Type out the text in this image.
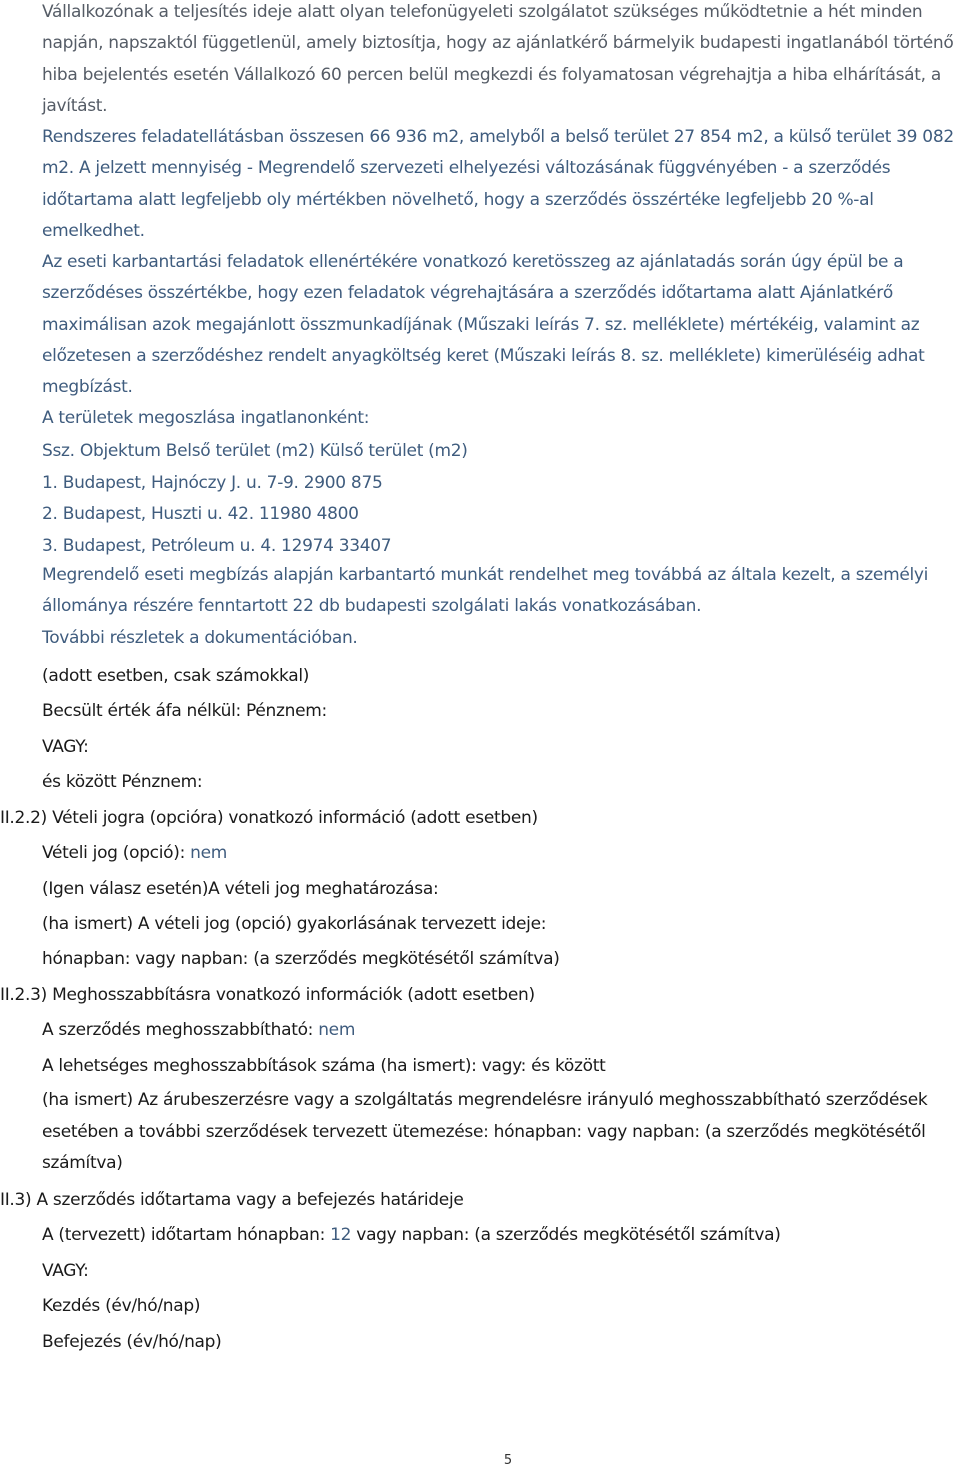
Vállalkozónak a teljesítés ideje alatt olyan telefonügyeleti szolgálatot szükséges működtetnie a hét minden napján, napszaktól függetlenül, amely biztosítja, hogy az ajánlatkérő bármelyik budapesti ingatlanából történő hiba bejelentés esetén Vállalkozó 60 percen belül megkezdi és folyamatosan végrehajtja a hiba elhárítását, a javítást.

Rendszeres feladatellátásban összesen 66 936 m2, amelyből a belső terület 27 854 m2, a külső terület 39 082 m2. A jelzett mennyiség - Megrendelő szervezeti elhelyezési változásának függvényében - a szerződés időtartama alatt legfeljebb oly mértékben növelhető, hogy a szerződés összértéke legfeljebb 20 %-al emelkedhet.

Az eseti karbantartási feladatok ellenértékére vonatkozó keretösszeg az ajánlatadás során úgy épül be a szerződéses összértékbe, hogy ezen feladatok végrehajtására a szerződés időtartama alatt Ajánlatkérő maximálisan azok megajánlott összmunkadíjának (Műszaki leírás 7. sz. melléklete) mértékéig, valamint az előzetesen a szerződéshez rendelt anyagköltség keret (Műszaki leírás 8. sz. melléklete) kimerüléséig adhat megbízást.

A területek megoszlása ingatlanonként:

Ssz. Objektum Belső terület (m2) Külső terület (m2)
1. Budapest, Hajnóczy J. u. 7-9. 2900 875
2. Budapest, Huszti u. 42. 11980 4800
3. Budapest, Petróleum u. 4. 12974 33407

Megrendelő eseti megbízás alapján karbantartó munkát rendelhet meg továbbá az általa kezelt, a személyi állománya részére fenntartott 22 db budapesti szolgálati lakás vonatkozásában.

További részletek a dokumentációban.

(adott esetben, csak számokkal)
Becsült érték áfa nélkül: Pénznem:
VAGY:
és között Pénznem:
II.2.2) Vételi jogra (opcióra) vonatkozó információ (adott esetben)
Vételi jog (opció): nem
(Igen válasz esetén)A vételi jog meghatározása:
(ha ismert) A vételi jog (opció) gyakorlásának tervezett ideje:
hónapban: vagy napban: (a szerződés megkötésétől számítva)
II.2.3) Meghosszabbításra vonatkozó információk (adott esetben)
A szerződés meghosszabbítható: nem
A lehetséges meghosszabbítások száma (ha ismert): vagy: és között

(ha ismert) Az árubeszerzésre vagy a szolgáltatás megrendelésre irányuló meghosszabbítható szerződések esetében a további szerződések tervezett ütemezése: hónapban: vagy napban: (a szerződés megkötésétől számítva)

II.3) A szerződés időtartama vagy a befejezés határideje
A (tervezett) időtartam hónapban: 12 vagy napban: (a szerződés megkötésétől számítva)
VAGY:
Kezdés (év/hó/nap)
Befejezés (év/hó/nap)
5
